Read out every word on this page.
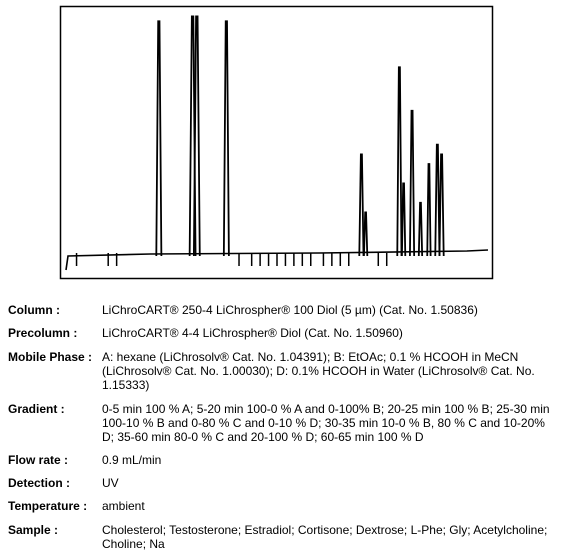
Column :	LiChroCART® 250-4 LiChrospher® 100 Diol (5 µm) (Cat. No. 1.50836)
Precolumn : LiChroCART® 4-4 LiChrospher® Diol (Cat. No. 1.50960)
Mobile Phase : A: hexane (LiChrosolv® Cat. No. 1.04391); B: EtOAc; 0.1 % HCOOH in MeCN (LiChrosolv® Cat. No. 1.00030); D: 0.1% HCOOH in Water (LiChrosolv® Cat. No. 1.15333)
Gradient :	0-5 min 100 % A; 5-20 min 100-0 % A and 0-100% B; 20-25 min 100 % B; 25-30 min 100-10 % B and 0-80 % C and 0-10 % D; 30-35 min 10-0 % B, 80 % C and 10-20% D; 35-60 min 80-0 % C and 20-100 % D; 60-65 min 100 % D
Flow rate :	0.9 mL/min
Detection :	UV
Temperature : ambient
Sample :	Cholesterol; Testosterone; Estradiol; Cortisone; Dextrose; L-Phe; Gly; Acetylcholine; Choline; Na
